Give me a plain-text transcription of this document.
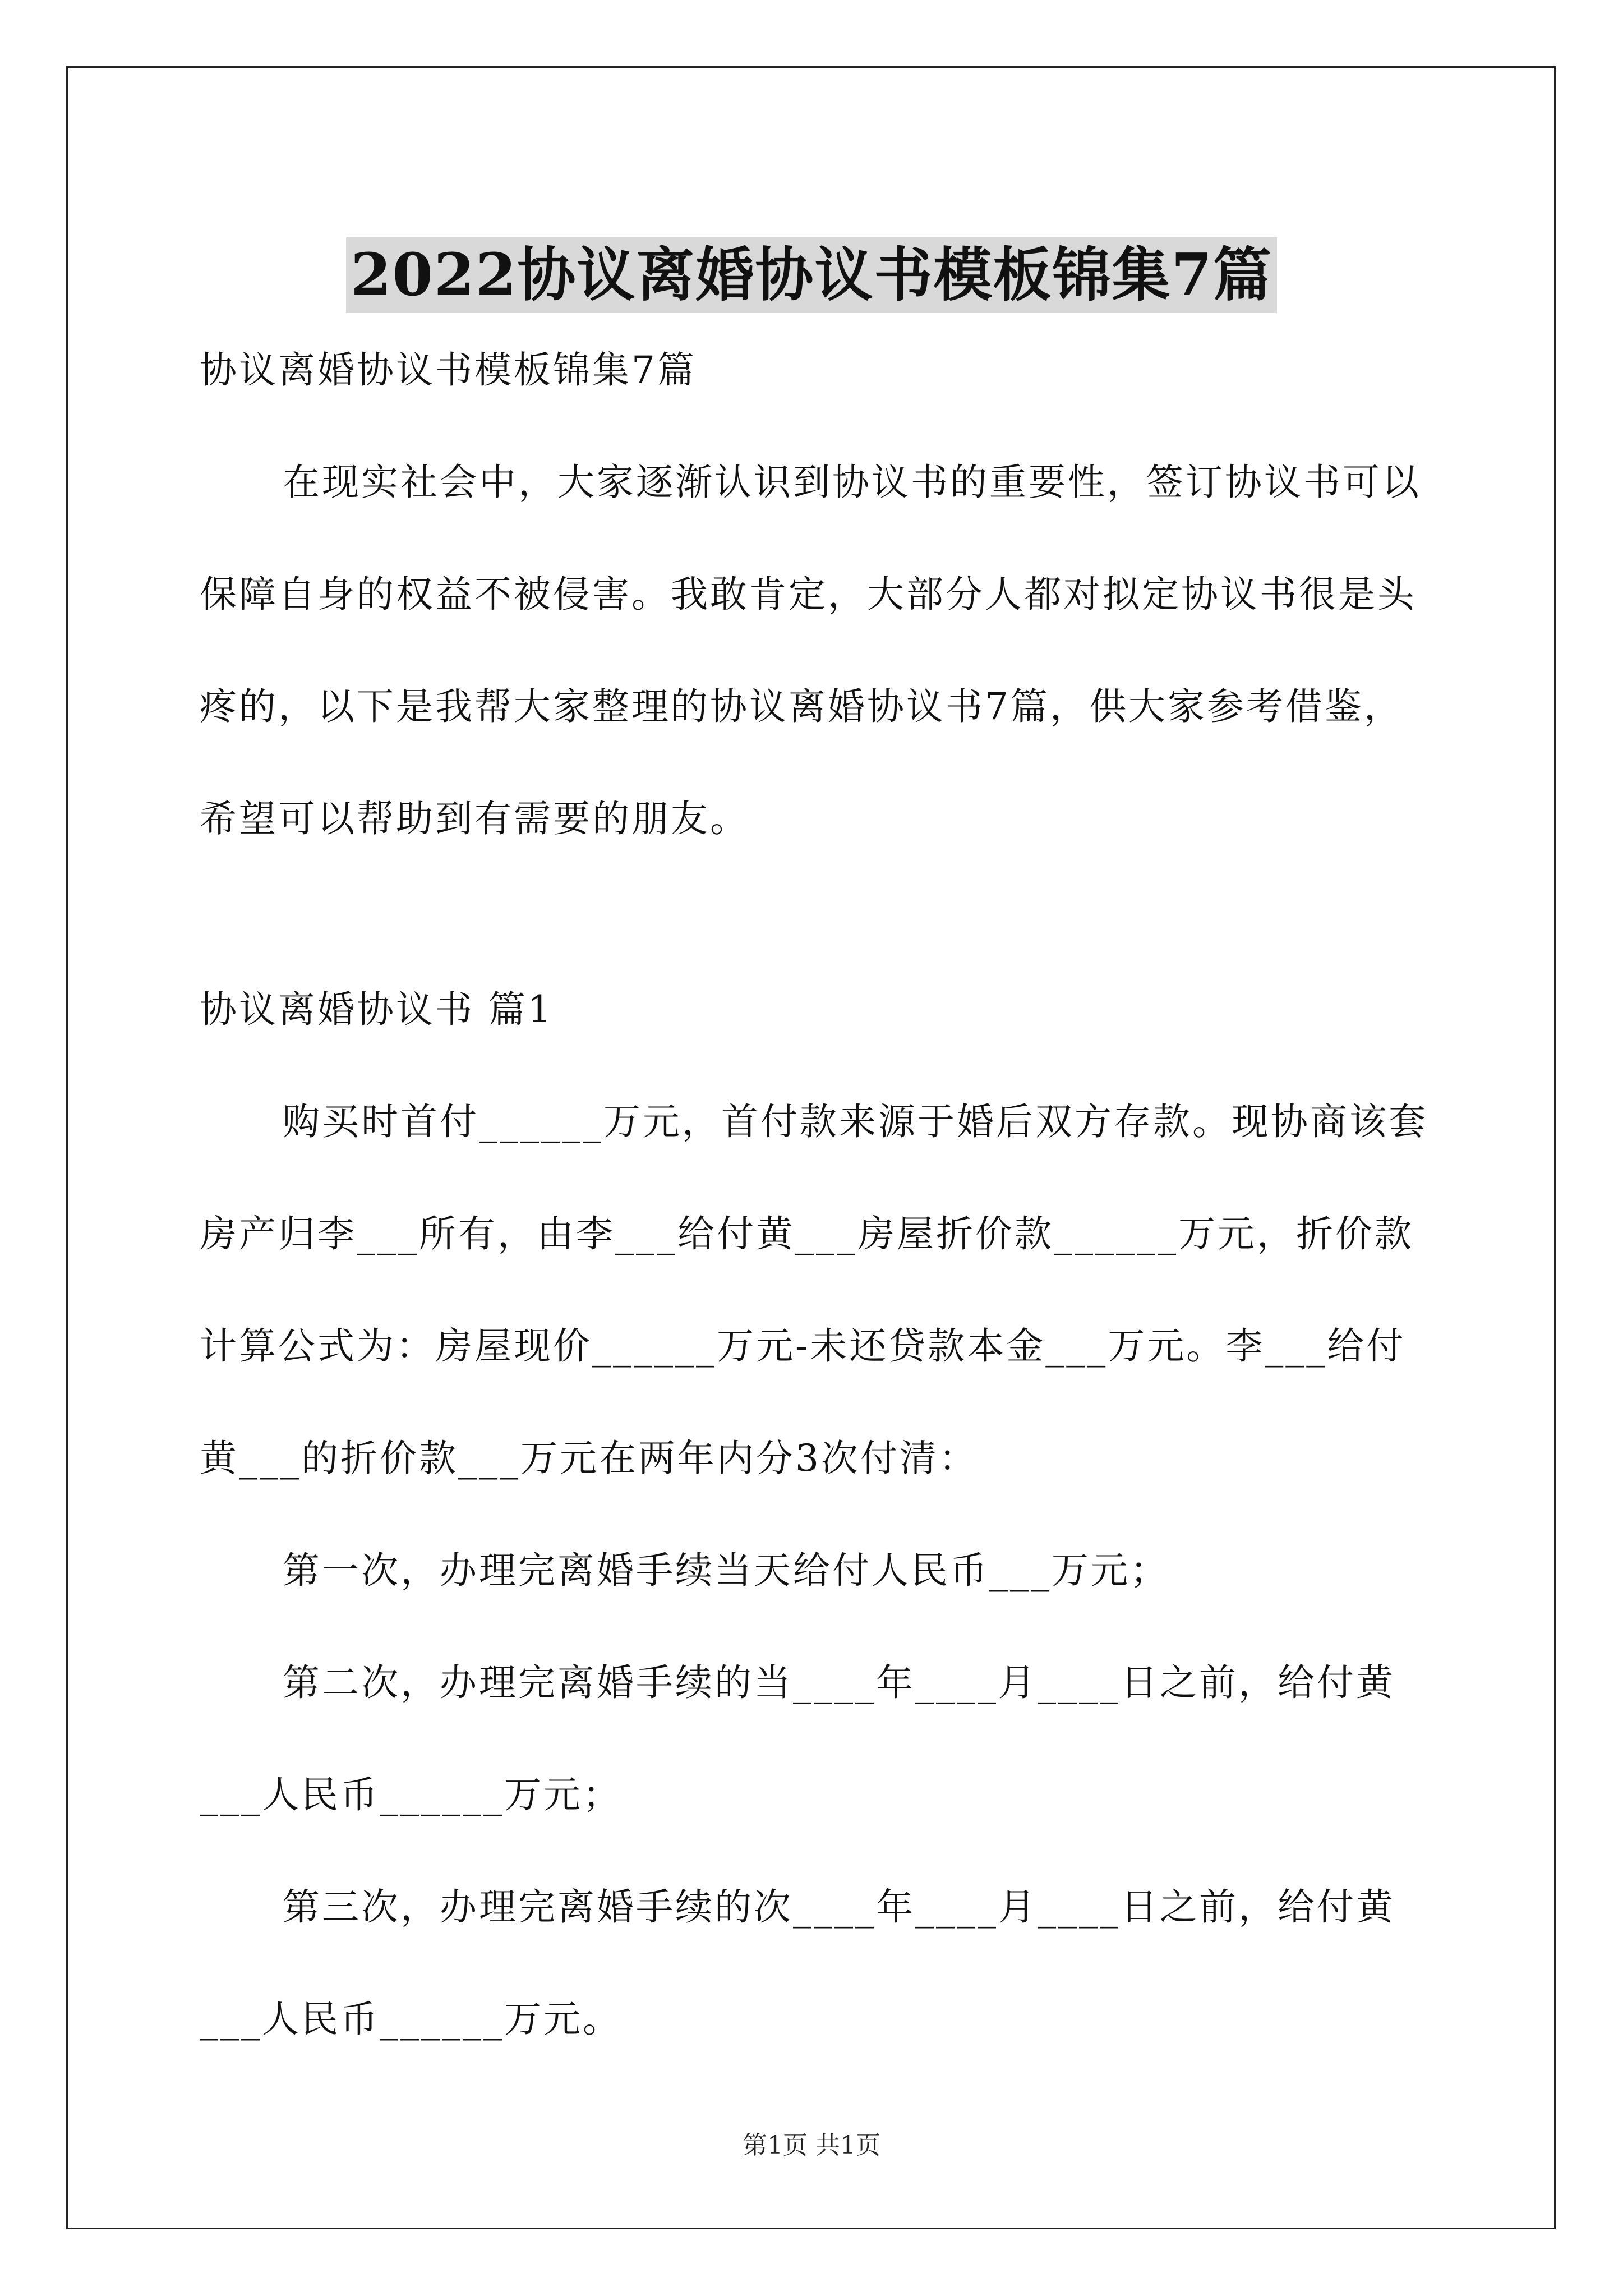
2022协议离婚协议书模板锦集7篇

协议离婚协议书模板锦集7篇

在现实社会中，大家逐渐认识到协议书的重要性，签订协议书可以保障自身的权益不被侵害。我敢肯定，大部分人都对拟定协议书很是头疼的，以下是我帮大家整理的协议离婚协议书7篇，供大家参考借鉴，希望可以帮助到有需要的朋友。

协议离婚协议书 篇1

购买时首付______万元，首付款来源于婚后双方存款。现协商该套房产归李___所有，由李___给付黄___房屋折价款______万元，折价款计算公式为：房屋现价______万元-未还贷款本金___万元。李___给付黄___的折价款___万元在两年内分3次付清：

第一次，办理完离婚手续当天给付人民币___万元；

第二次，办理完离婚手续的当____年____月____日之前，给付黄___人民币______万元；

第三次，办理完离婚手续的次____年____月____日之前，给付黄___人民币______万元。

第1页 共1页
